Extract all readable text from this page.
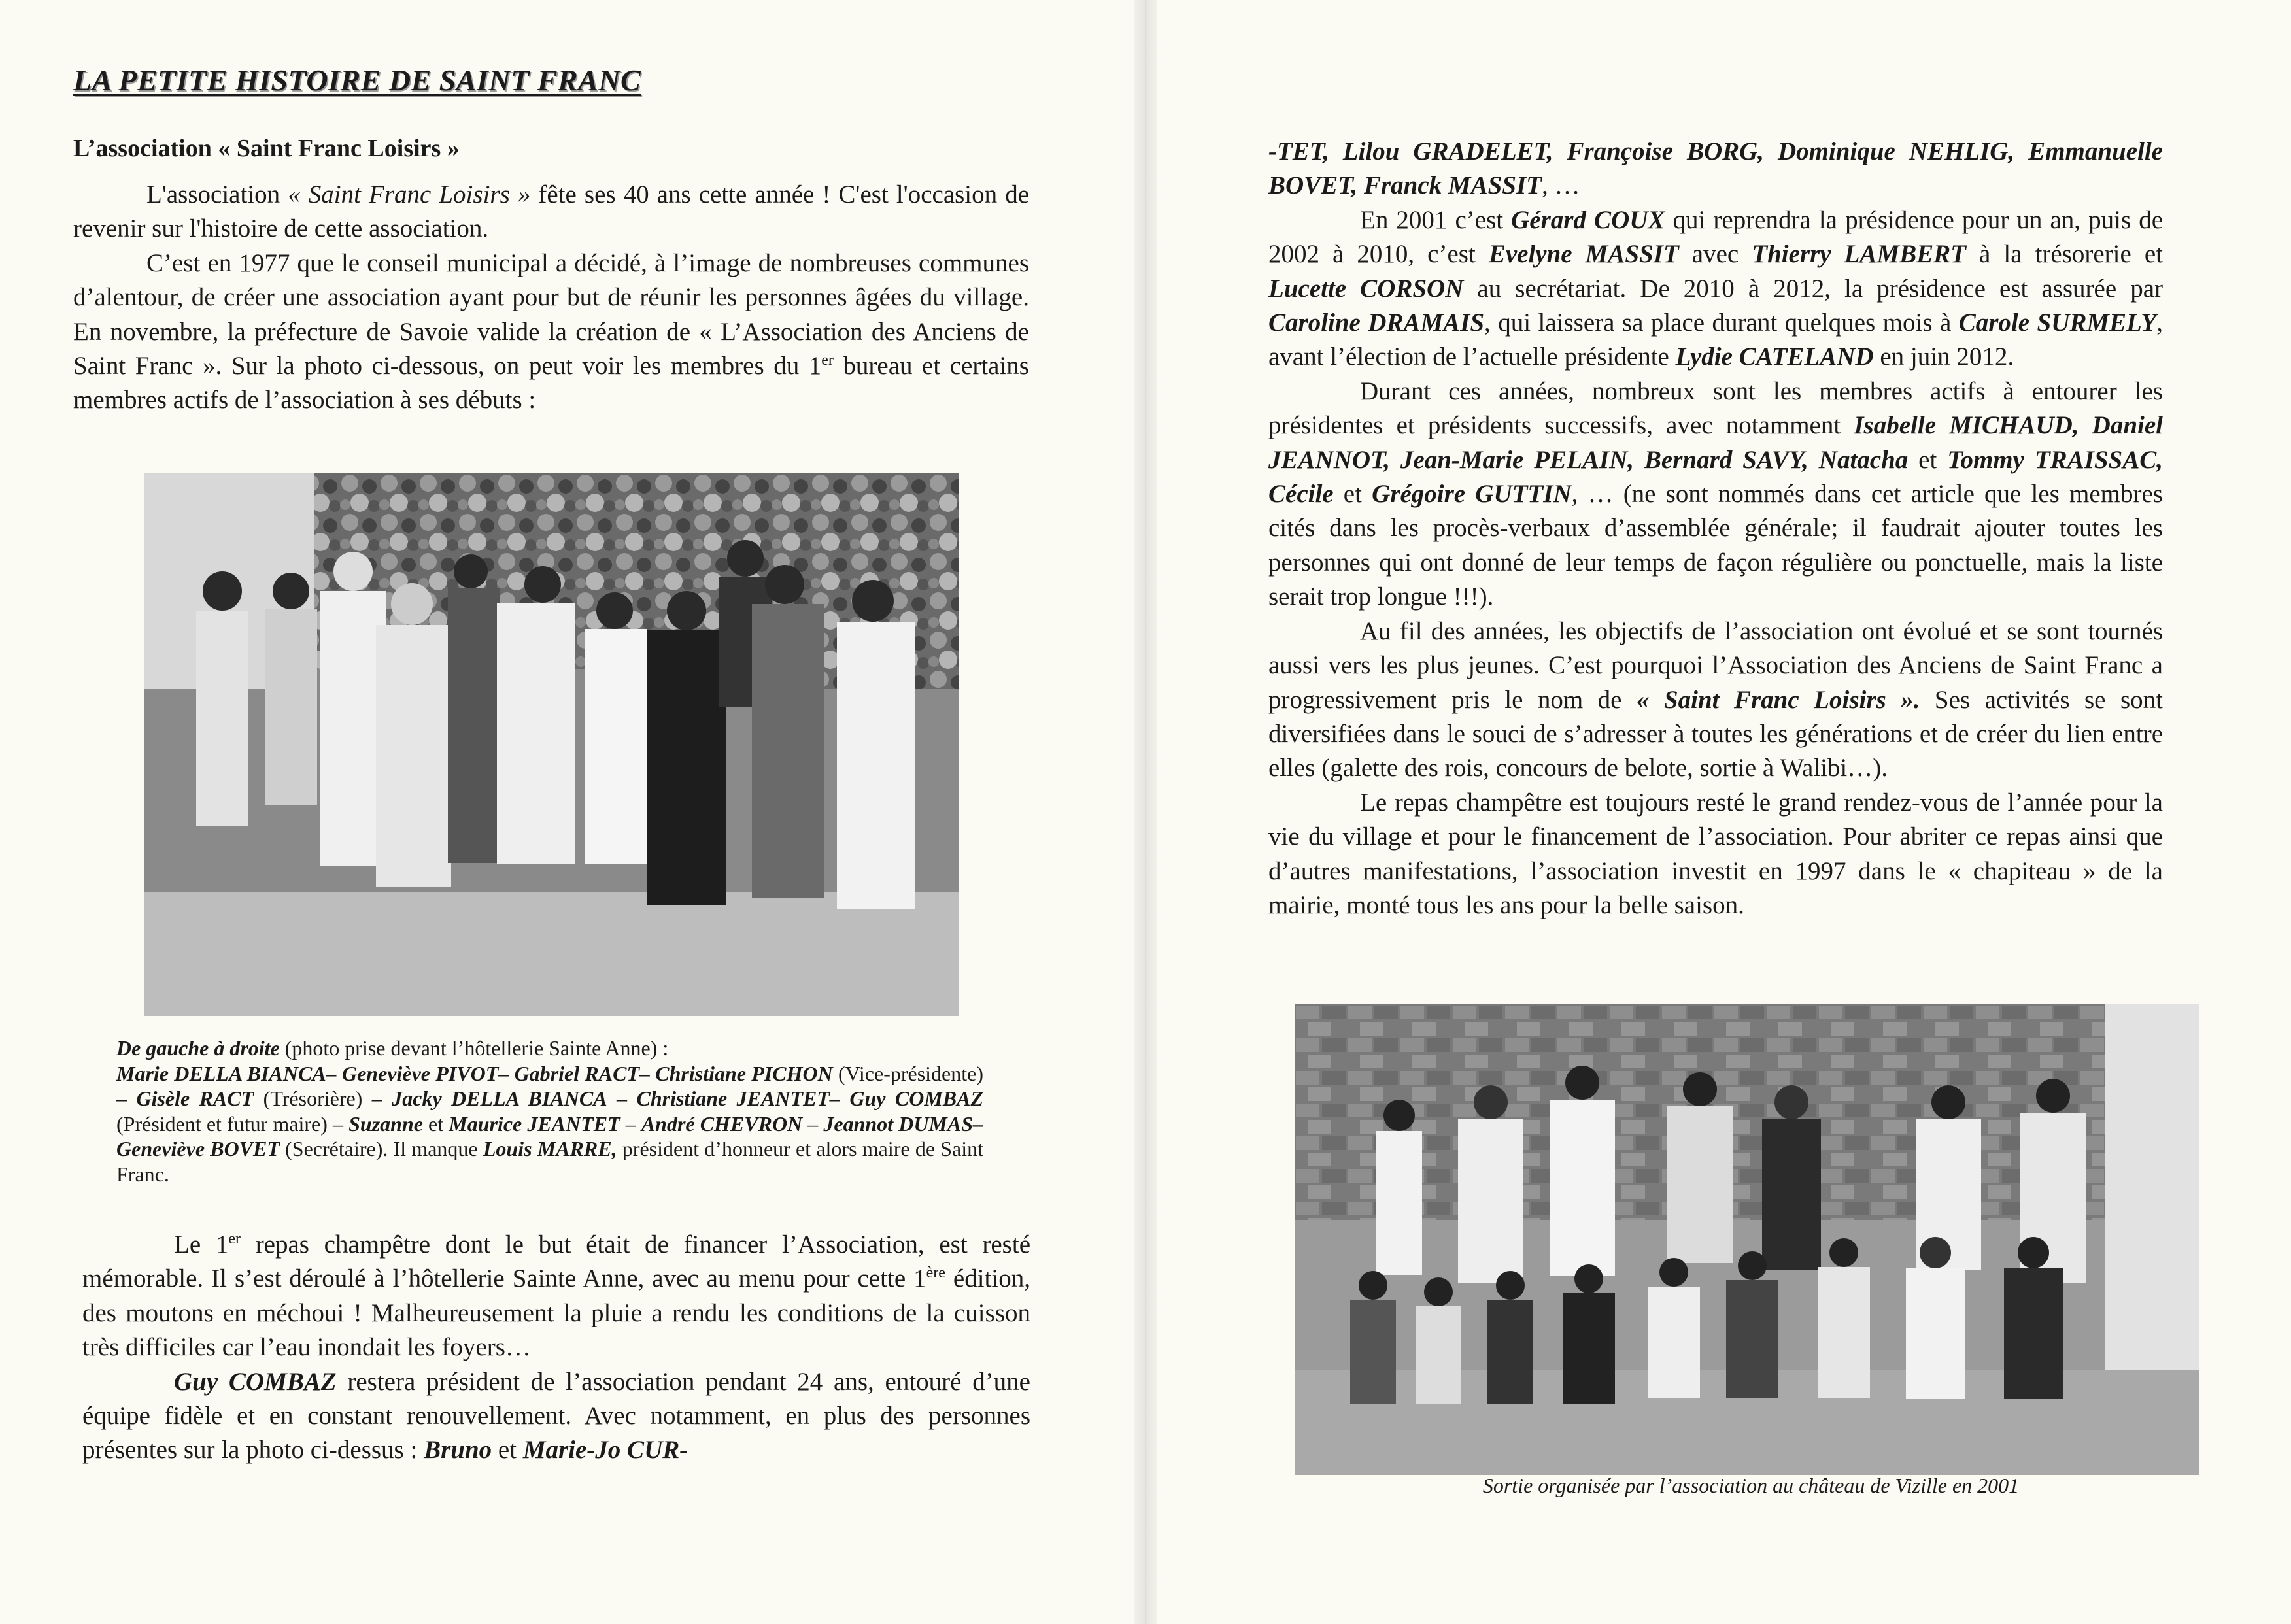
LA PETITE HISTOIRE DE SAINT FRANC
L’association « Saint Franc Loisirs »

L'association « Saint Franc Loisirs » fête ses 40 ans cette année ! C'est l'occasion de revenir sur l'histoire de cette association.

C’est en 1977 que le conseil municipal a décidé, à l’image de nombreuses communes d’alentour, de créer une association ayant pour but de réunir les personnes âgées du village. En novembre, la préfecture de Savoie valide la création de « L’Association des Anciens de Saint Franc ». Sur la photo ci-dessous, on peut voir les membres du 1er bureau et certains membres actifs de l’association à ses débuts :

De gauche à droite (photo prise devant l’hôtellerie Sainte Anne) :
Marie DELLA BIANCA– Geneviève PIVOT– Gabriel RACT– Christiane PICHON (Vice-présidente) – Gisèle RACT (Trésorière) – Jacky DELLA BIANCA – Christiane JEANTET– Guy COMBAZ (Président et futur maire) – Suzanne et Maurice JEANTET – André CHEVRON – Jeannot DUMAS– Geneviève BOVET (Secrétaire). Il manque Louis MARRE, président d’honneur et alors maire de Saint Franc.

Le 1er repas champêtre dont le but était de financer l’Association, est resté mémorable. Il s’est déroulé à l’hôtellerie Sainte Anne, avec au menu pour cette 1ère édition, des moutons en méchoui ! Malheureusement la pluie a rendu les conditions de la cuisson très difficiles car l’eau inondait les foyers…

Guy COMBAZ restera président de l’association pendant 24 ans, entouré d’une équipe fidèle et en constant renouvellement. Avec notamment, en plus des personnes présentes sur la photo ci-dessus : Bruno et Marie-Jo CUR-

-TET, Lilou GRADELET, Françoise BORG, Dominique NEHLIG, Emmanuelle BOVET, Franck MASSIT, …

En 2001 c’est Gérard COUX qui reprendra la présidence pour un an, puis de 2002 à 2010, c’est Evelyne MASSIT avec Thierry LAMBERT à la trésorerie et Lucette CORSON au secrétariat. De 2010 à 2012, la présidence est assurée par Caroline DRAMAIS, qui laissera sa place durant quelques mois à Carole SURMELY, avant l’élection de l’actuelle présidente Lydie CATELAND en juin 2012.

Durant ces années, nombreux sont les membres actifs à entourer les présidentes et présidents successifs, avec notamment Isabelle MICHAUD, Daniel JEANNOT, Jean-Marie PELAIN, Bernard SAVY, Natacha et Tommy TRAISSAC, Cécile et Grégoire GUTTIN, … (ne sont nommés dans cet article que les membres cités dans les procès-verbaux d’assemblée générale; il faudrait ajouter toutes les personnes qui ont donné de leur temps de façon régulière ou ponctuelle, mais la liste serait trop longue !!!).

Au fil des années, les objectifs de l’association ont évolué et se sont tournés aussi vers les plus jeunes. C’est pourquoi l’Association des Anciens de Saint Franc a progressivement pris le nom de « Saint Franc Loisirs ». Ses activités se sont diversifiées dans le souci de s’adresser à toutes les générations et de créer du lien entre elles (galette des rois, concours de belote, sortie à Walibi…).

Le repas champêtre est toujours resté le grand rendez-vous de l’année pour la vie du village et pour le financement de l’association. Pour abriter ce repas ainsi que d’autres manifestations, l’association investit en 1997 dans le « chapiteau » de la mairie, monté tous les ans pour la belle saison.

Sortie organisée par l’association au château de Vizille en 2001
